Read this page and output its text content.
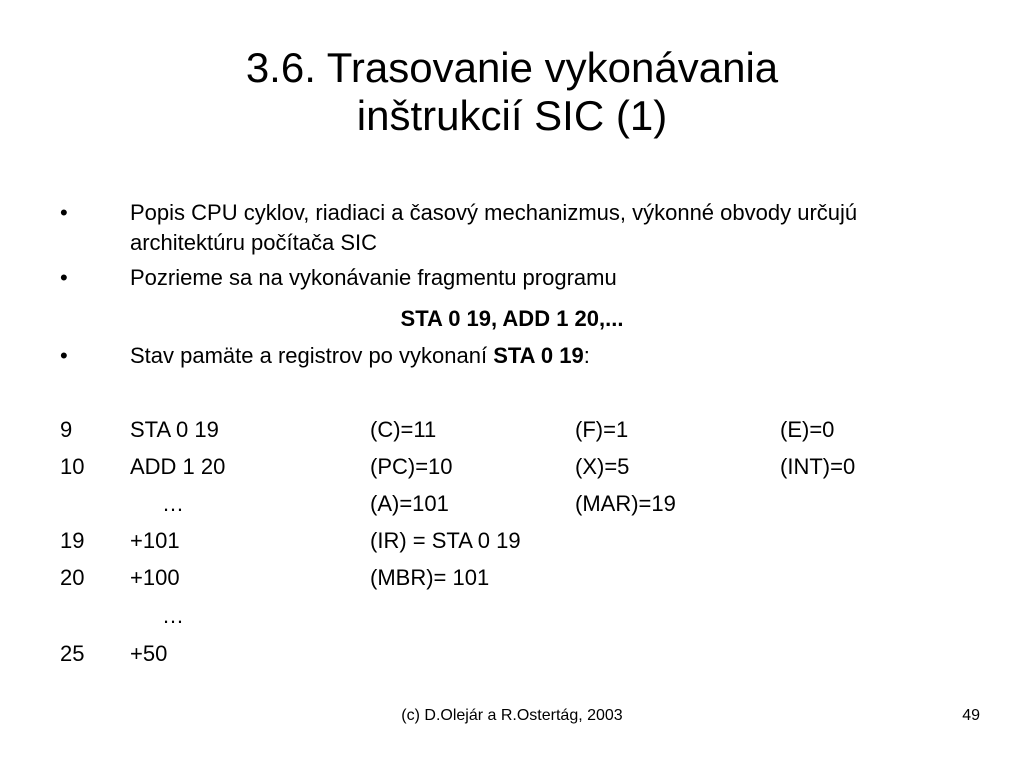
3.6. Trasovanie vykonávania
inštrukcií SIC (1)
•	Popis CPU cyklov, riadiaci a časový mechanizmus, výkonné obvody určujú architektúru počítača SIC
•	Pozrieme sa na vykonávanie fragmentu programu
STA 0 19, ADD 1 20,...
•	Stav pamäte a registrov po vykonaní STA 0 19:
9	STA 0 19	(C)=11	(F)=1	(E)=0
10 ADD 1 20	(PC)=10	(X)=5	(INT)=0
…	(A)=101	(MAR)=19
19 +101	(IR) = STA 0 19
20 +100	(MBR)= 101
…
25 +50
(c) D.Olejár a R.Ostertág, 2003	49
